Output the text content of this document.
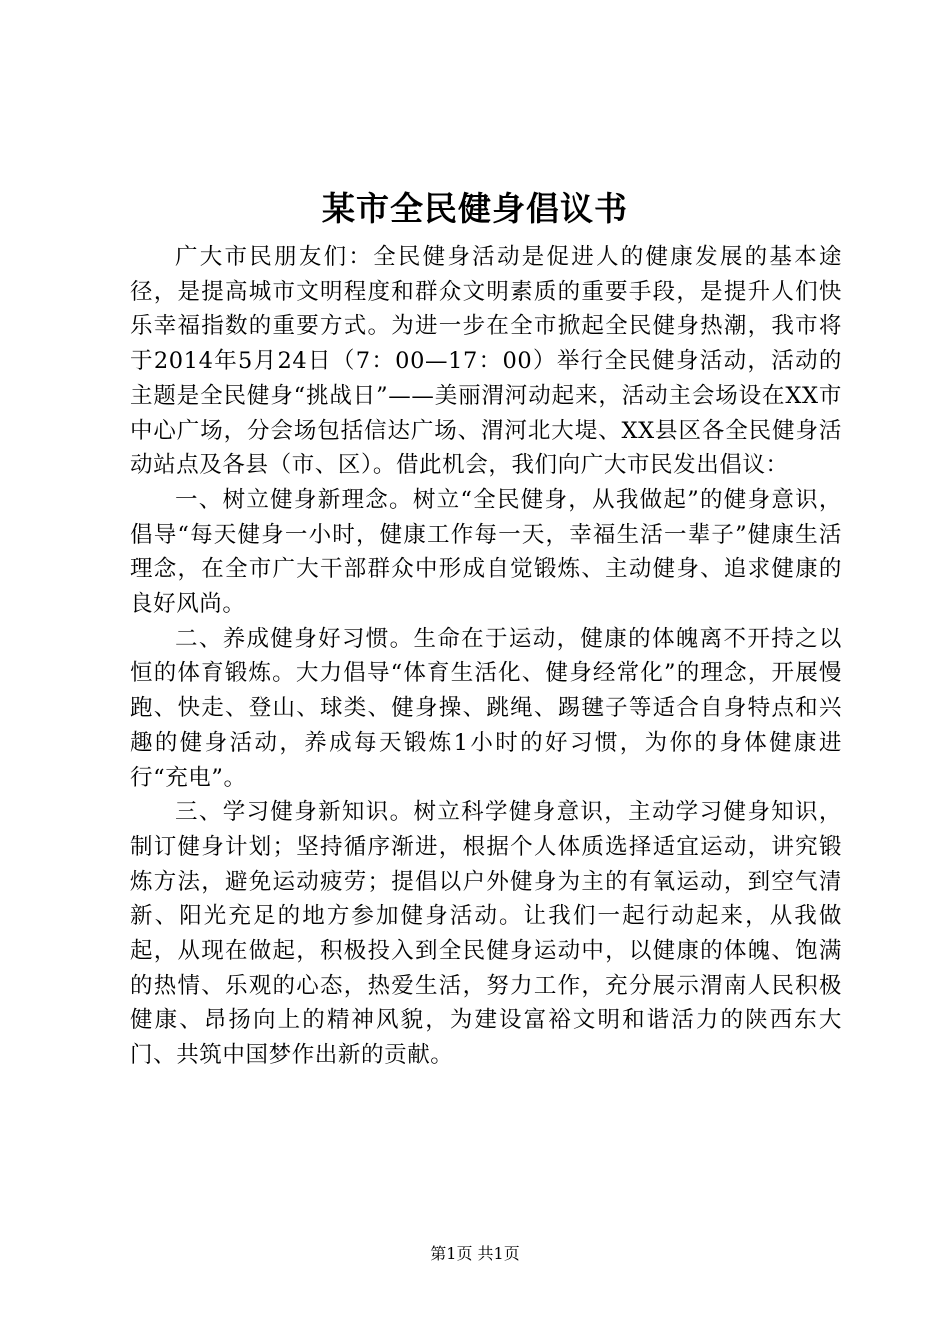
某市全民健身倡议书

广大市民朋友们：全民健身活动是促进人的健康发展的基本途径，是提高城市文明程度和群众文明素质的重要手段，是提升人们快乐幸福指数的重要方式。为进一步在全市掀起全民健身热潮，我市将于2014年5月24日（7：00—17：00）举行全民健身活动，活动的主题是全民健身“挑战日”——美丽渭河动起来，活动主会场设在XX市中心广场，分会场包括信达广场、渭河北大堤、XX县区各全民健身活动站点及各县（市、区）。借此机会，我们向广大市民发出倡议：

一、树立健身新理念。树立“全民健身，从我做起”的健身意识，倡导“每天健身一小时，健康工作每一天，幸福生活一辈子”健康生活理念，在全市广大干部群众中形成自觉锻炼、主动健身、追求健康的良好风尚。

二、养成健身好习惯。生命在于运动，健康的体魄离不开持之以恒的体育锻炼。大力倡导“体育生活化、健身经常化”的理念，开展慢跑、快走、登山、球类、健身操、跳绳、踢毽子等适合自身特点和兴趣的健身活动，养成每天锻炼1小时的好习惯，为你的身体健康进行“充电”。

三、学习健身新知识。树立科学健身意识，主动学习健身知识，制订健身计划；坚持循序渐进，根据个人体质选择适宜运动，讲究锻炼方法，避免运动疲劳；提倡以户外健身为主的有氧运动，到空气清新、阳光充足的地方参加健身活动。让我们一起行动起来，从我做起，从现在做起，积极投入到全民健身运动中，以健康的体魄、饱满的热情、乐观的心态，热爱生活，努力工作，充分展示渭南人民积极健康、昂扬向上的精神风貌，为建设富裕文明和谐活力的陕西东大门、共筑中国梦作出新的贡献。

第1页 共1页
